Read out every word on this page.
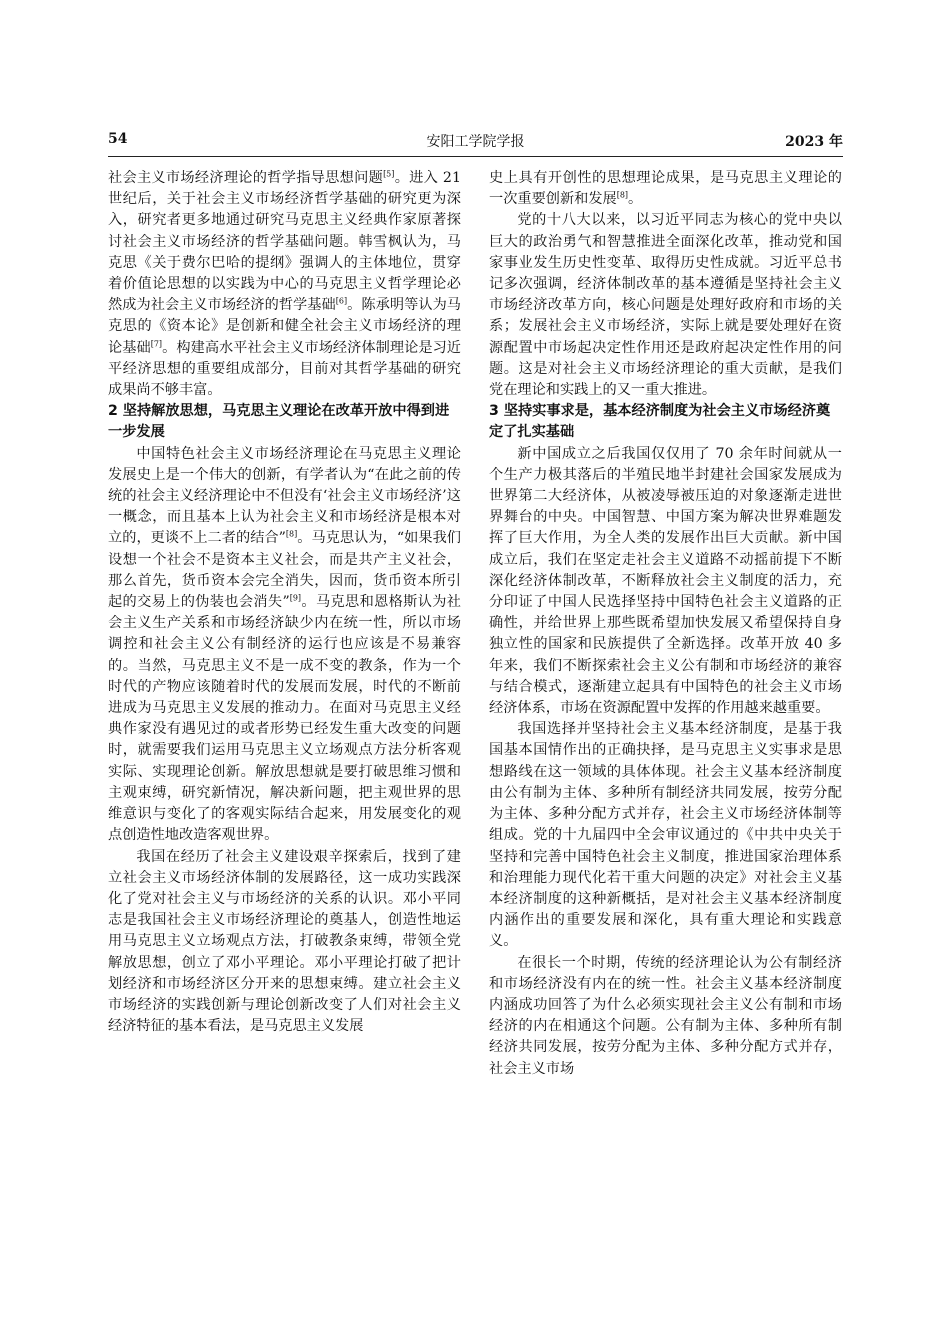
54	安阳工学院学报	2023 年

社会主义市场经济理论的哲学指导思想问题[5]。进入 21 世纪后，关于社会主义市场经济哲学基础的研究更为深入，研究者更多地通过研究马克思主义经典作家原著探讨社会主义市场经济的哲学基础问题。韩雪枫认为，马克思《关于费尔巴哈的提纲》强调人的主体地位，贯穿着价值论思想的以实践为中心的马克思主义哲学理论必然成为社会主义市场经济的哲学基础[6]。陈承明等认为马克思的《资本论》是创新和健全社会主义市场经济的理论基础[7]。构建高水平社会主义市场经济体制理论是习近平经济思想的重要组成部分，目前对其哲学基础的研究成果尚不够丰富。

2 坚持解放思想，马克思主义理论在改革开放中得到进一步发展

中国特色社会主义市场经济理论在马克思主义理论发展史上是一个伟大的创新，有学者认为“在此之前的传统的社会主义经济理论中不但没有‘社会主义市场经济’这一概念，而且基本上认为社会主义和市场经济是根本对立的，更谈不上二者的结合”[8]。马克思认为，“如果我们设想一个社会不是资本主义社会，而是共产主义社会，那么首先，货币资本会完全消失，因而，货币资本所引起的交易上的伪装也会消失”[9]。马克思和恩格斯认为社会主义生产关系和市场经济缺少内在统一性，所以市场调控和社会主义公有制经济的运行也应该是不易兼容的。当然，马克思主义不是一成不变的教条，作为一个时代的产物应该随着时代的发展而发展，时代的不断前进成为马克思主义发展的推动力。在面对马克思主义经典作家没有遇见过的或者形势已经发生重大改变的问题时，就需要我们运用马克思主义立场观点方法分析客观实际、实现理论创新。解放思想就是要打破思维习惯和主观束缚，研究新情况，解决新问题，把主观世界的思维意识与变化了的客观实际结合起来，用发展变化的观点创造性地改造客观世界。

我国在经历了社会主义建设艰辛探索后，找到了建立社会主义市场经济体制的发展路径，这一成功实践深化了党对社会主义与市场经济的关系的认识。邓小平同志是我国社会主义市场经济理论的奠基人，创造性地运用马克思主义立场观点方法，打破教条束缚，带领全党解放思想，创立了邓小平理论。邓小平理论打破了把计划经济和市场经济区分开来的思想束缚。建立社会主义市场经济的实践创新与理论创新改变了人们对社会主义经济特征的基本看法，是马克思主义发展

史上具有开创性的思想理论成果，是马克思主义理论的一次重要创新和发展[8]。

党的十八大以来，以习近平同志为核心的党中央以巨大的政治勇气和智慧推进全面深化改革，推动党和国家事业发生历史性变革、取得历史性成就。习近平总书记多次强调，经济体制改革的基本遵循是坚持社会主义市场经济改革方向，核心问题是处理好政府和市场的关系；发展社会主义市场经济，实际上就是要处理好在资源配置中市场起决定性作用还是政府起决定性作用的问题。这是对社会主义市场经济理论的重大贡献，是我们党在理论和实践上的又一重大推进。

3 坚持实事求是，基本经济制度为社会主义市场经济奠定了扎实基础

新中国成立之后我国仅仅用了 70 余年时间就从一个生产力极其落后的半殖民地半封建社会国家发展成为世界第二大经济体，从被凌辱被压迫的对象逐渐走进世界舞台的中央。中国智慧、中国方案为解决世界难题发挥了巨大作用，为全人类的发展作出巨大贡献。新中国成立后，我们在坚定走社会主义道路不动摇前提下不断深化经济体制改革，不断释放社会主义制度的活力，充分印证了中国人民选择坚持中国特色社会主义道路的正确性，并给世界上那些既希望加快发展又希望保持自身独立性的国家和民族提供了全新选择。改革开放 40 多年来，我们不断探索社会主义公有制和市场经济的兼容与结合模式，逐渐建立起具有中国特色的社会主义市场经济体系，市场在资源配置中发挥的作用越来越重要。

我国选择并坚持社会主义基本经济制度，是基于我国基本国情作出的正确抉择，是马克思主义实事求是思想路线在这一领域的具体体现。社会主义基本经济制度由公有制为主体、多种所有制经济共同发展，按劳分配为主体、多种分配方式并存，社会主义市场经济体制等组成。党的十九届四中全会审议通过的《中共中央关于坚持和完善中国特色社会主义制度，推进国家治理体系和治理能力现代化若干重大问题的决定》对社会主义基本经济制度的这种新概括，是对社会主义基本经济制度内涵作出的重要发展和深化，具有重大理论和实践意义。

在很长一个时期，传统的经济理论认为公有制经济和市场经济没有内在的统一性。社会主义基本经济制度内涵成功回答了为什么必须实现社会主义公有制和市场经济的内在相通这个问题。公有制为主体、多种所有制经济共同发展，按劳分配为主体、多种分配方式并存，社会主义市场
